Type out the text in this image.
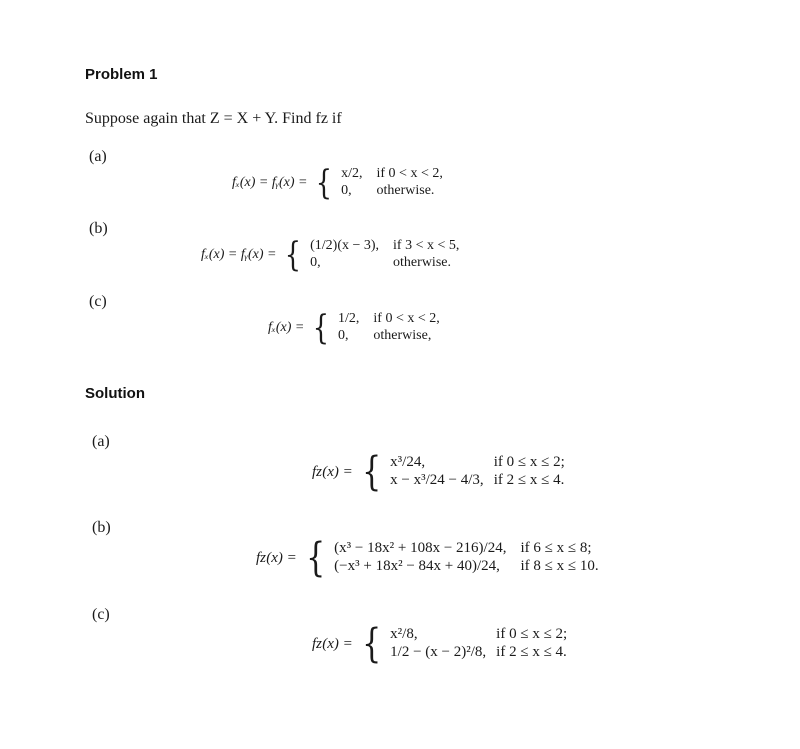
Problem 1
Suppose again that Z = X + Y. Find fᴢ if
(a)
fₓ(x) = fᵧ(x) = { x/2,	if 0 < x < 2,
0,	otherwise.
(b)
fₓ(x) = fᵧ(x) = { (1/2)(x − 3),	if 3 < x < 5,
0,	otherwise.
(c)
fₓ(x) = { 1/2,	if 0 < x < 2,
0,	otherwise,
Solution
(a)
fᴢ(x) = { x³/24,	if 0 ≤ x ≤ 2;
x − x³/24 − 4/3,	if 2 ≤ x ≤ 4.
(b)
fᴢ(x) = { (x³ − 18x² + 108x − 216)/24,	if 6 ≤ x ≤ 8;
(−x³ + 18x² − 84x + 40)/24,	if 8 ≤ x ≤ 10.
(c)
fᴢ(x) = { x²/8,	if 0 ≤ x ≤ 2;
1/2 − (x − 2)²/8,	if 2 ≤ x ≤ 4.
